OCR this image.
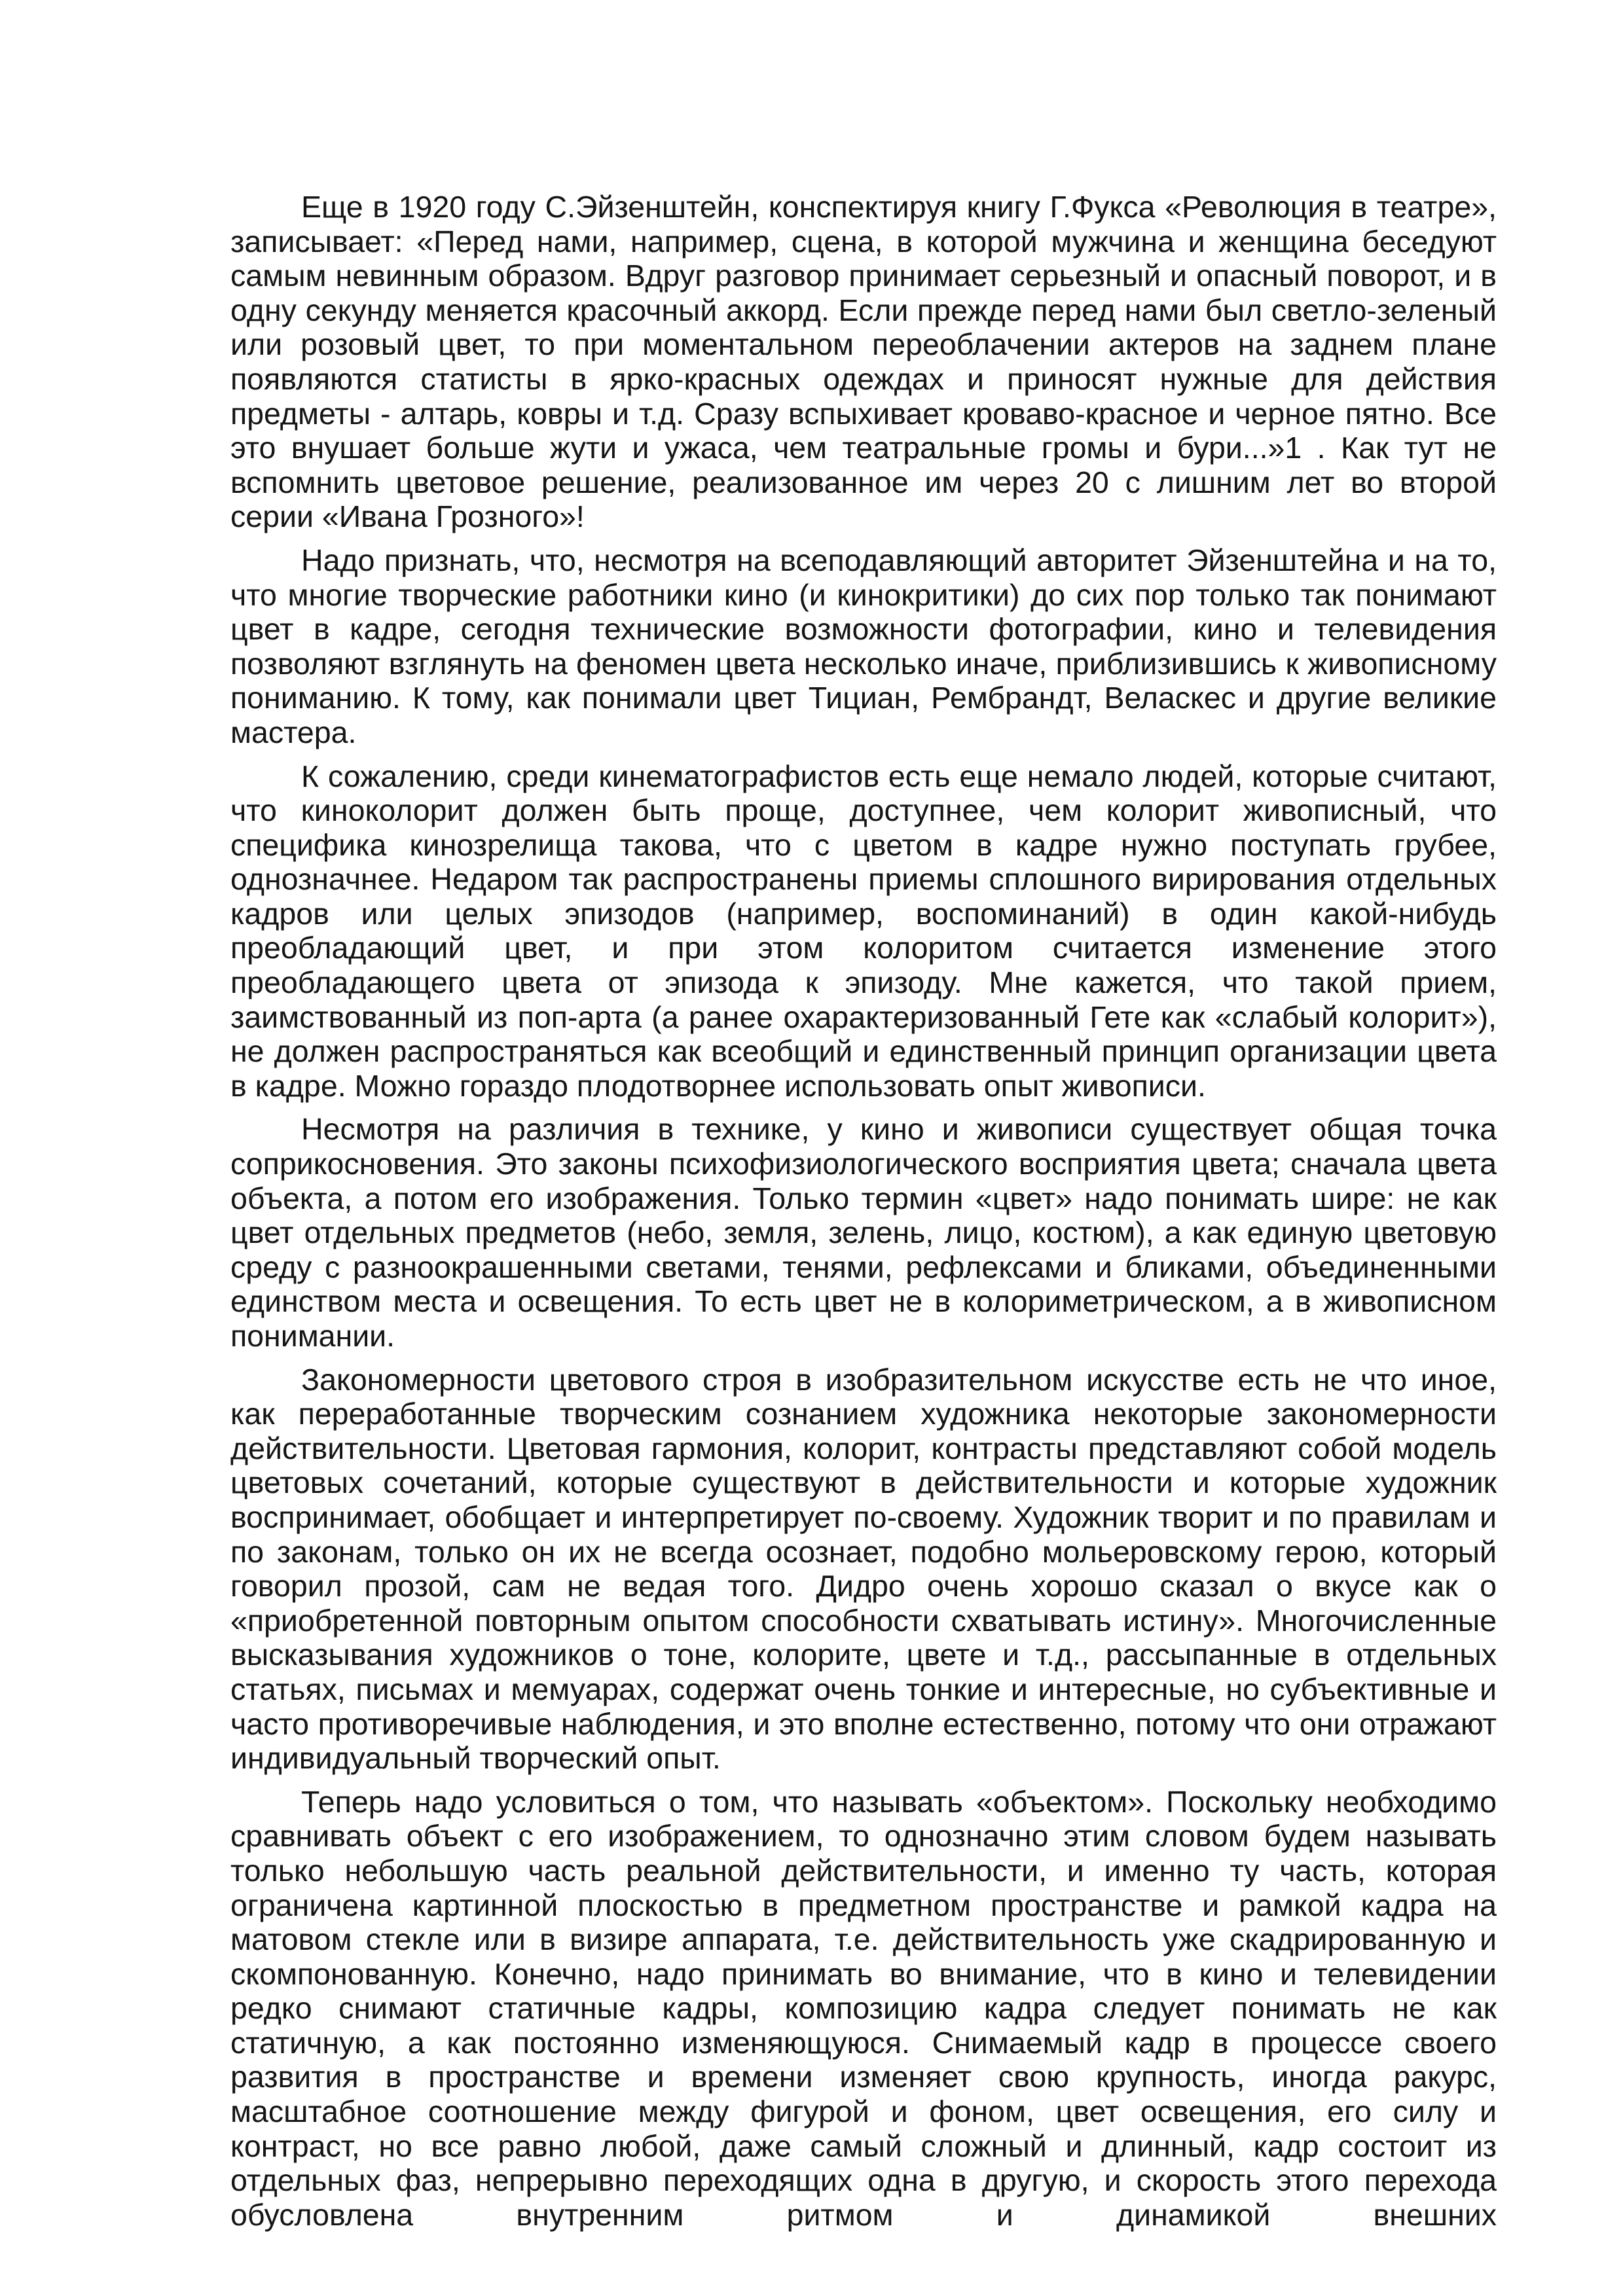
Еще в 1920 году С.Эйзенштейн, конспектируя книгу Г.Фукса «Революция в театре», записывает: «Перед нами, например, сцена, в которой мужчина и женщина беседуют самым невинным образом. Вдруг разговор принимает серьезный и опасный поворот, и в одну секунду меняется красочный аккорд. Если прежде перед нами был светло-зеленый или розовый цвет, то при моментальном переоблачении актеров на заднем плане появляются статисты в ярко-красных одеждах и приносят нужные для действия предметы - алтарь, ковры и т.д. Сразу вспыхивает кроваво-красное и черное пятно. Все это внушает больше жути и ужаса, чем театральные громы и бури...»1 . Как тут не вспомнить цветовое решение, реализованное им через 20 с лишним лет во второй серии «Ивана Грозного»!

Надо признать, что, несмотря на всеподавляющий авторитет Эйзенштейна и на то, что многие творческие работники кино (и кинокритики) до сих пор только так понимают цвет в кадре, сегодня технические возможности фотографии, кино и телевидения позволяют взглянуть на феномен цвета несколько иначе, приблизившись к живописному пониманию. К тому, как понимали цвет Тициан, Рембрандт, Веласкес и другие великие мастера.

К сожалению, среди кинематографистов есть еще немало людей, которые считают, что киноколорит должен быть проще, доступнее, чем колорит живописный, что специфика кинозрелища такова, что с цветом в кадре нужно поступать грубее, однозначнее. Недаром так распространены приемы сплошного вирирования отдельных кадров или целых эпизодов (например, воспоминаний) в один какой-нибудь преобладающий цвет, и при этом колоритом считается изменение этого преобладающего цвета от эпизода к эпизоду. Мне кажется, что такой прием, заимствованный из поп-арта (а ранее охарактеризованный Гете как «слабый колорит»), не должен распространяться как всеобщий и единственный принцип организации цвета в кадре. Можно гораздо плодотворнее использовать опыт живописи.

Несмотря на различия в технике, у кино и живописи существует общая точка соприкосновения. Это законы психофизиологического восприятия цвета; сначала цвета объекта, а потом его изображения. Только термин «цвет» надо понимать шире: не как цвет отдельных предметов (небо, земля, зелень, лицо, костюм), а как единую цветовую среду с разноокрашенными светами, тенями, рефлексами и бликами, объединенными единством места и освещения. То есть цвет не в колориметрическом, а в живописном понимании.

Закономерности цветового строя в изобразительном искусстве есть не что иное, как переработанные творческим сознанием художника некоторые закономерности действительности. Цветовая гармония, колорит, контрасты представляют собой модель цветовых сочетаний, которые существуют в действительности и которые художник воспринимает, обобщает и интерпретирует по-своему. Художник творит и по правилам и по законам, только он их не всегда осознает, подобно мольеровскому герою, который говорил прозой, сам не ведая того. Дидро очень хорошо сказал о вкусе как о «приобретенной повторным опытом способности схватывать истину». Многочисленные высказывания художников о тоне, колорите, цвете и т.д., рассыпанные в отдельных статьях, письмах и мемуарах, содержат очень тонкие и интересные, но субъективные и часто противоречивые наблюдения, и это вполне естественно, потому что они отражают индивидуальный творческий опыт.

Теперь надо условиться о том, что называть «объектом». Поскольку необходимо сравнивать объект с его изображением, то однозначно этим словом будем называть только небольшую часть реальной действительности, и именно ту часть, которая ограничена картинной плоскостью в предметном пространстве и рамкой кадра на матовом стекле или в визире аппарата, т.е. действительность уже скадрированную и скомпонованную. Конечно, надо принимать во внимание, что в кино и телевидении редко снимают статичные кадры, композицию кадра следует понимать не как статичную, а как постоянно изменяющуюся. Снимаемый кадр в процессе своего развития в пространстве и времени изменяет свою крупность, иногда ракурс, масштабное соотношение между фигурой и фоном, цвет освещения, его силу и контраст, но все равно любой, даже самый сложный и длинный, кадр состоит из отдельных фаз, непрерывно переходящих одна в другую, и скорость этого перехода обусловлена внутренним ритмом и динамикой внешних
